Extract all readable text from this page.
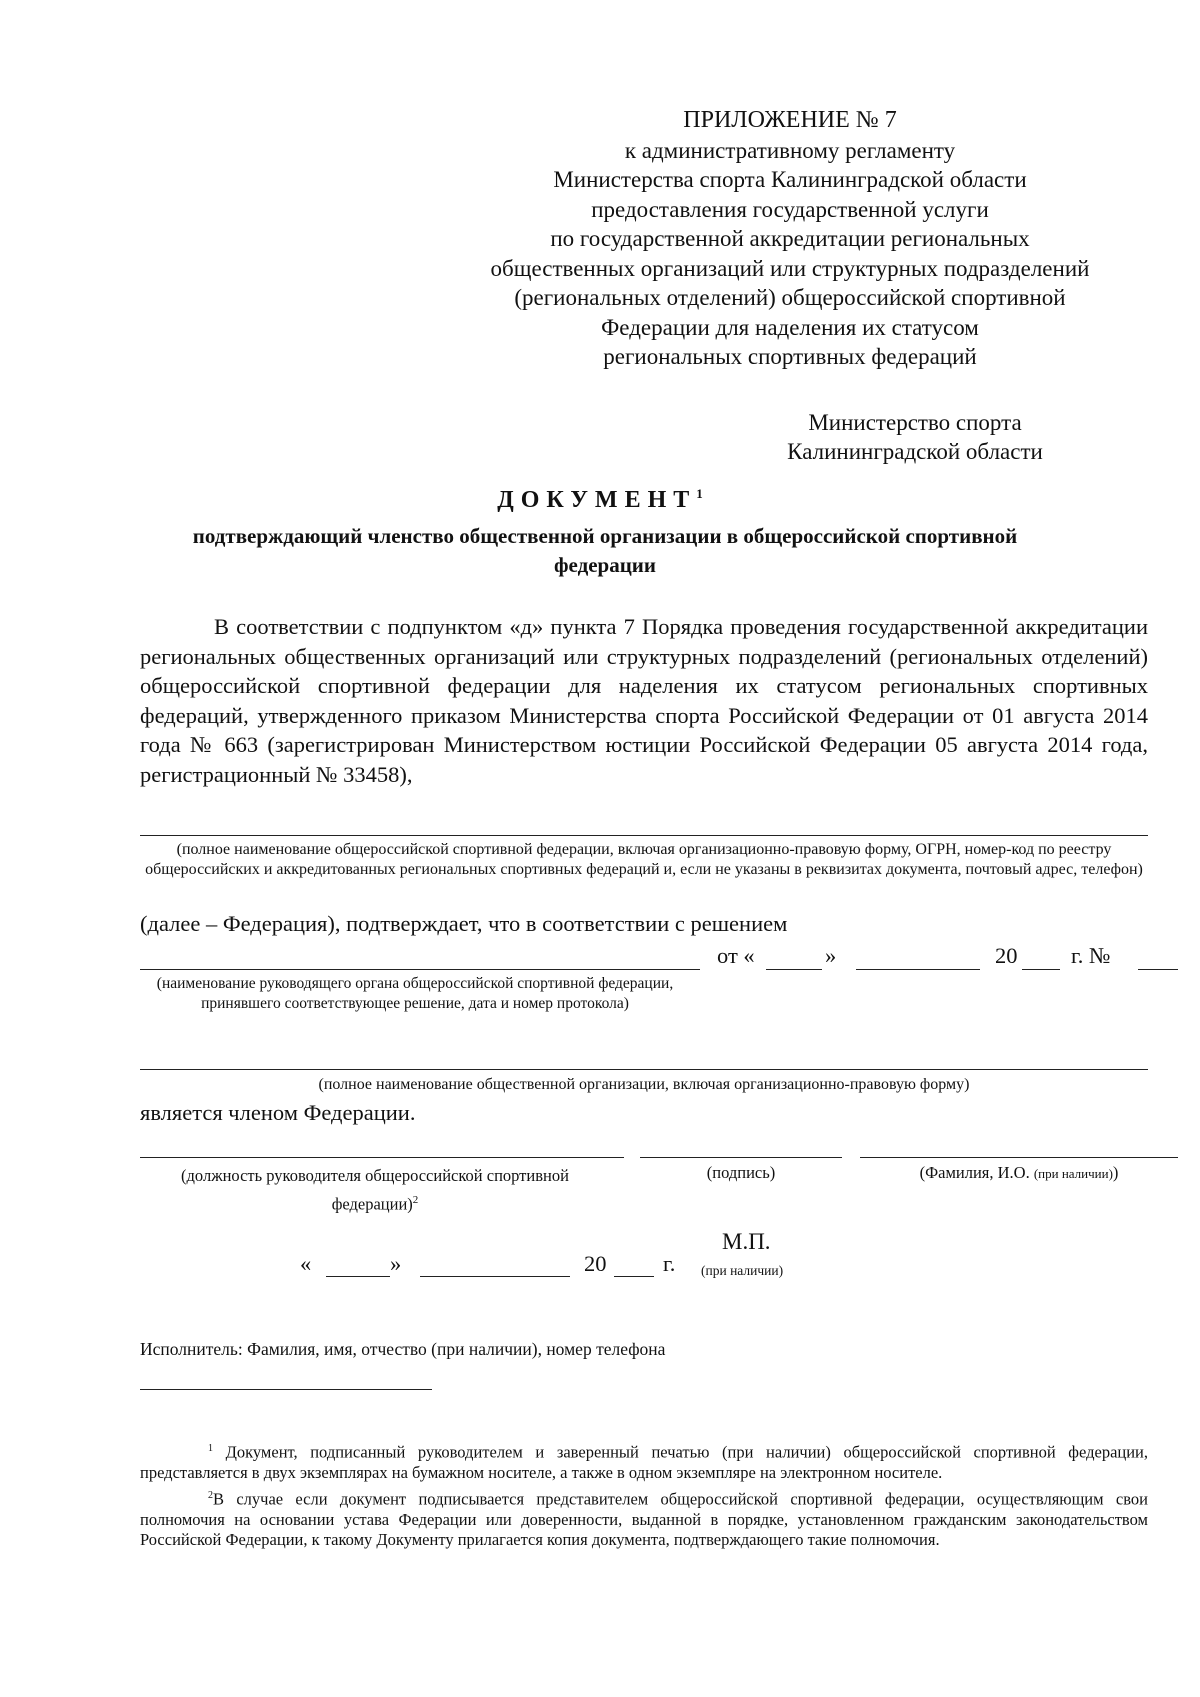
ПРИЛОЖЕНИЕ № 7
к административному регламенту
Министерства спорта Калининградской области
предоставления государственной услуги
по государственной аккредитации региональных
общественных организаций или структурных подразделений
(региональных отделений) общероссийской спортивной
Федерации для наделения их статусом
региональных спортивных федераций
Министерство спорта
Калининградской области
ДОКУМЕНТ$^1$
подтверждающий членство общественной организации в общероссийской спортивной федерации
В соответствии с подпунктом «д» пункта 7 Порядка проведения государственной аккредитации региональных общественных организаций или структурных подразделений (региональных отделений) общероссийской спортивной федерации для наделения их статусом региональных спортивных федераций, утвержденного приказом Министерства спорта Российской Федерации от 01 августа 2014 года № 663 (зарегистрирован Министерством юстиции Российской Федерации 05 августа 2014 года, регистрационный № 33458),
(полное наименование общероссийской спортивной федерации, включая организационно-правовую форму, ОГРН, номер-код по реестру общероссийских и аккредитованных региональных спортивных федераций и, если не указаны в реквизитах документа, почтовый адрес, телефон)
(далее – Федерация), подтверждает, что в соответствии с решением
от «	»	20 г. №
(наименование руководящего органа общероссийской спортивной федерации, принявшего соответствующее решение, дата и номер протокола)
(полное наименование общественной организации, включая организационно-правовую форму)
является членом Федерации.
(должность руководителя общероссийской спортивной федерации)$^2$
(подпись)	(Фамилия, И.О. (при наличии))
«	»	20	г.
М.П.
(при наличии)
Исполнитель: Фамилия, имя, отчество (при наличии), номер телефона

$^1$ Документ, подписанный руководителем и заверенный печатью (при наличии) общероссийской спортивной федерации, представляется в двух экземплярах на бумажном носителе, а также в одном экземпляре на электронном носителе.

$^2$В случае если документ подписывается представителем общероссийской спортивной федерации, осуществляющим свои полномочия на основании устава Федерации или доверенности, выданной в порядке, установленном гражданским законодательством Российской Федерации, к такому Документу прилагается копия документа, подтверждающего такие полномочия.
